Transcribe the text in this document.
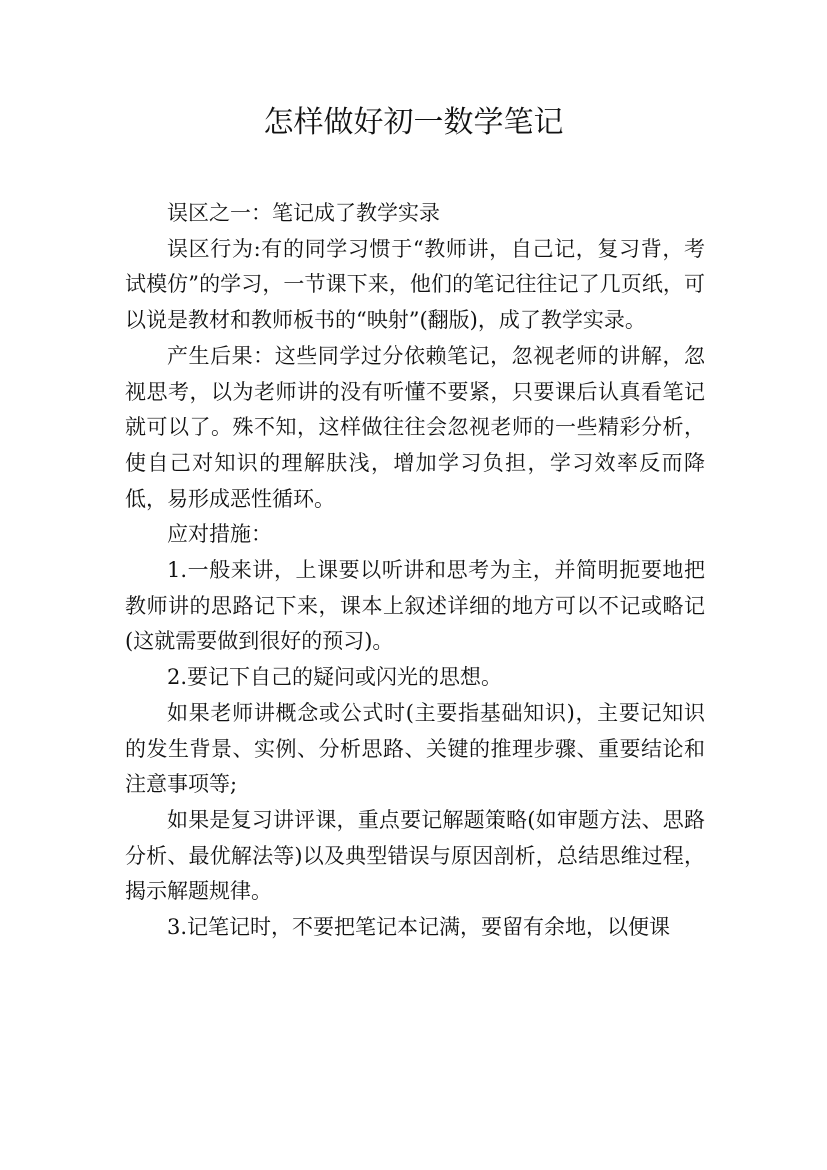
怎样做好初一数学笔记

误区之一：笔记成了教学实录

误区行为:有的同学习惯于“教师讲，自己记，复习背，考试模仿”的学习，一节课下来，他们的笔记往往记了几页纸，可以说是教材和教师板书的“映射”(翻版)，成了教学实录。

产生后果：这些同学过分依赖笔记，忽视老师的讲解，忽视思考，以为老师讲的没有听懂不要紧，只要课后认真看笔记就可以了。殊不知，这样做往往会忽视老师的一些精彩分析，使自己对知识的理解肤浅，增加学习负担，学习效率反而降低，易形成恶性循环。

应对措施：

1.一般来讲，上课要以听讲和思考为主，并简明扼要地把教师讲的思路记下来，课本上叙述详细的地方可以不记或略记(这就需要做到很好的预习)。

2.要记下自己的疑问或闪光的思想。

如果老师讲概念或公式时(主要指基础知识)，主要记知识的发生背景、实例、分析思路、关键的推理步骤、重要结论和注意事项等;

如果是复习讲评课，重点要记解题策略(如审题方法、思路分析、最优解法等)以及典型错误与原因剖析，总结思维过程，揭示解题规律。

3.记笔记时，不要把笔记本记满，要留有余地，以便课
